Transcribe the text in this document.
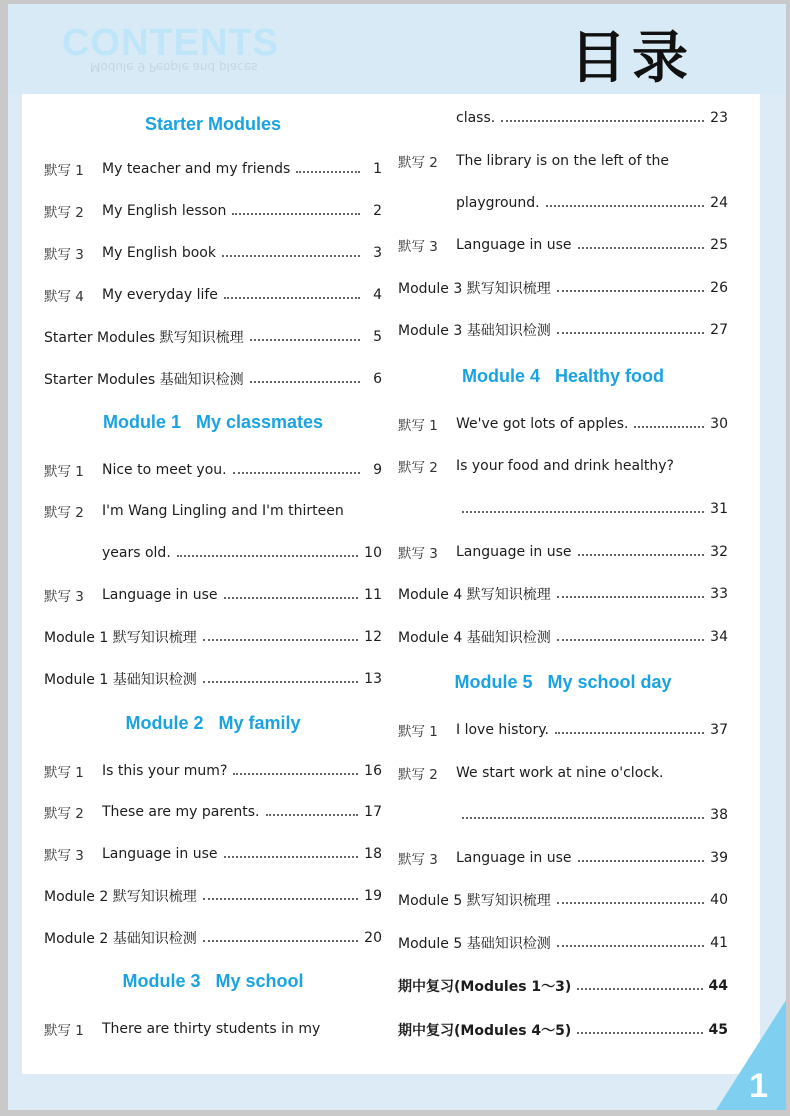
CONTENTS
Module 9 People and places	目录
Starter Modules
默写 1	My teacher and my friends	1
默写 2	My English lesson	2
默写 3	My English book	3
默写 4	My everyday life	4
Starter Modules 默写知识梳理	5
Starter Modules 基础知识检测	6
Module 1   My classmates
默写 1	Nice to meet you.	9
默写 2	I'm Wang Lingling and I'm thirteen
years old.	10
默写 3	Language in use	11
Module 1 默写知识梳理	12
Module 1 基础知识检测	13
Module 2   My family
默写 1	Is this your mum?	16
默写 2	These are my parents.	17
默写 3	Language in use	18
Module 2 默写知识梳理	19
Module 2 基础知识检测	20
Module 3   My school
默写 1	There are thirty students in my
class.	23
默写 2	The library is on the left of the
playground.	24
默写 3	Language in use	25
Module 3 默写知识梳理	26
Module 3 基础知识检测	27
Module 4   Healthy food
默写 1	We've got lots of apples.	30
默写 2	Is your food and drink healthy?
31
默写 3	Language in use	32
Module 4 默写知识梳理	33
Module 4 基础知识检测	34
Module 5   My school day
默写 1	I love history.	37
默写 2	We start work at nine o'clock.
38
默写 3	Language in use	39
Module 5 默写知识梳理	40
Module 5 基础知识检测	41
期中复习(Modules 1～3)	44
期中复习(Modules 4～5)	45
1
